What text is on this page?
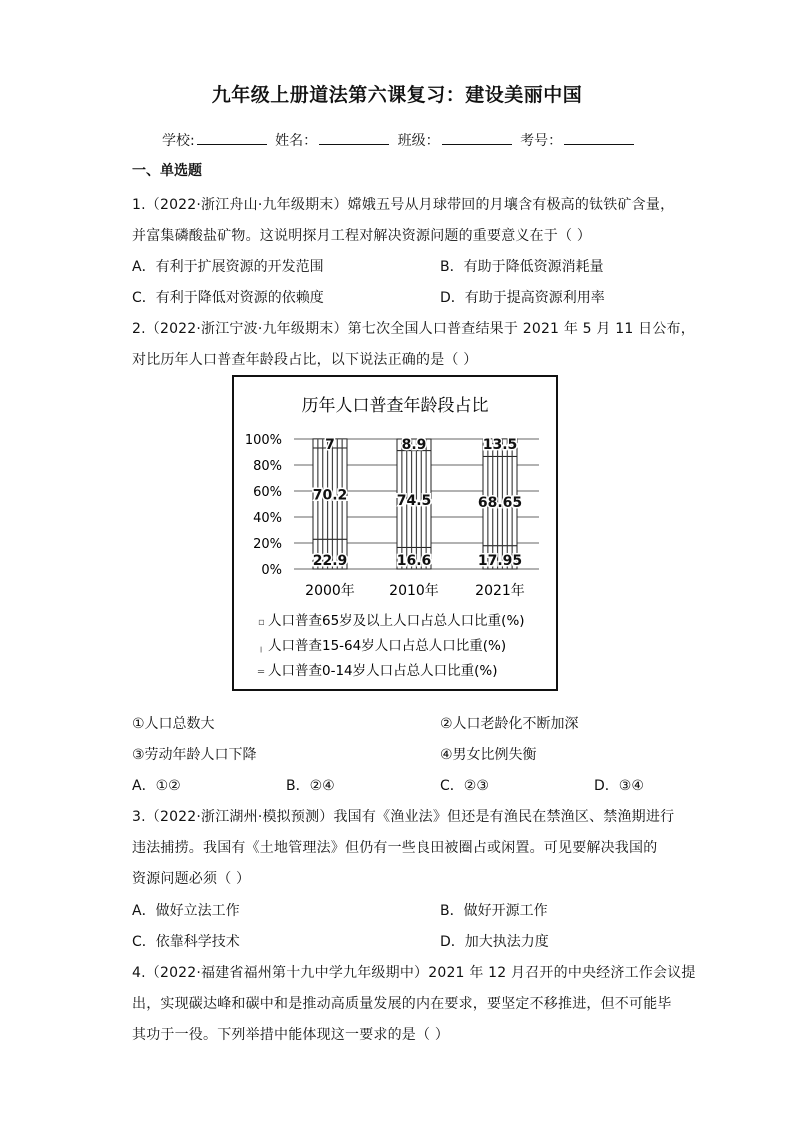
九年级上册道法第六课复习：建设美丽中国
学校:	姓名：	班级：	考号：
一、单选题
1.（2022·浙江舟山·九年级期末）嫦娥五号从月球带回的月壤含有极高的钛铁矿含量，
并富集磷酸盐矿物。这说明探月工程对解决资源问题的重要意义在于（ ）
A．有利于扩展资源的开发范围	B．有助于降低资源消耗量
C．有利于降低对资源的依赖度	D．有助于提高资源利用率
2.（2022·浙江宁波·九年级期末）第七次全国人口普查结果于 2021 年 5 月 11 日公布，
对比历年人口普查年龄段占比，以下说法正确的是（ ）
历年人口普查年龄段占比
100%
80%
60%
40%
20%
0%
22.9
70.2
7
16.6
74.5
8.9
17.95
68.65
13.5
2000年 2010年	2021年
▫ 人口普查65岁及以上人口占总人口比重(%)
╷ 人口普查15-64岁人口占总人口比重(%)
═ 人口普查0-14岁人口占总人口比重(%)
①人口总数大	②人口老龄化不断加深
③劳动年龄人口下降	④男女比例失衡
A．①②	B．②④	C．②③	D．③④
3.（2022·浙江湖州·模拟预测）我国有《渔业法》但还是有渔民在禁渔区、禁渔期进行
违法捕捞。我国有《土地管理法》但仍有一些良田被圈占或闲置。可见要解决我国的
资源问题必须（ ）
A．做好立法工作	B．做好开源工作
C．依靠科学技术	D．加大执法力度
4.（2022·福建省福州第十九中学九年级期中）2021 年 12 月召开的中央经济工作会议提
出，实现碳达峰和碳中和是推动高质量发展的内在要求，要坚定不移推进，但不可能毕
其功于一役。下列举措中能体现这一要求的是（ ）
